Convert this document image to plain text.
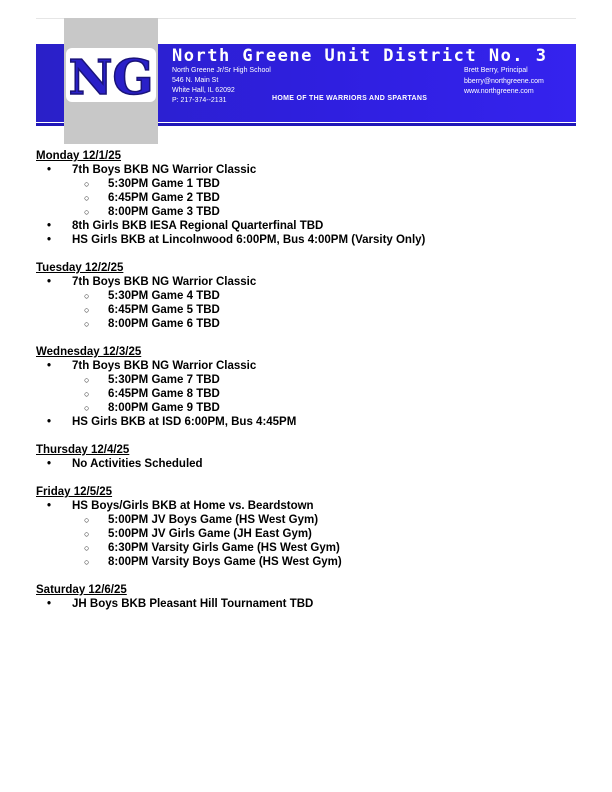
NG North Greene Unit District No. 3
North Greene Jr/Sr High School
546 N. Main St
White Hall, IL 62092
P: 217-374--2131
Brett Berry, Principal
bberry@northgreene.com
www.northgreene.com
HOME OF THE WARRIORS AND SPARTANS
Monday 12/1/25
• 7th Boys BKB NG Warrior Classic
○ 5:30PM Game 1 TBD
○ 6:45PM Game 2 TBD
○ 8:00PM Game 3 TBD
• 8th Girls BKB IESA Regional Quarterfinal TBD
• HS Girls BKB at Lincolnwood 6:00PM, Bus 4:00PM (Varsity Only)
Tuesday 12/2/25
• 7th Boys BKB NG Warrior Classic
○ 5:30PM Game 4 TBD
○ 6:45PM Game 5 TBD
○ 8:00PM Game 6 TBD
Wednesday 12/3/25
• 7th Boys BKB NG Warrior Classic
○ 5:30PM Game 7 TBD
○ 6:45PM Game 8 TBD
○ 8:00PM Game 9 TBD
• HS Girls BKB at ISD 6:00PM, Bus 4:45PM
Thursday 12/4/25
• No Activities Scheduled
Friday 12/5/25
• HS Boys/Girls BKB at Home vs. Beardstown
○ 5:00PM JV Boys Game (HS West Gym)
○ 5:00PM JV Girls Game (JH East Gym)
○ 6:30PM Varsity Girls Game (HS West Gym)
○ 8:00PM Varsity Boys Game (HS West Gym)
Saturday 12/6/25
• JH Boys BKB Pleasant Hill Tournament TBD
